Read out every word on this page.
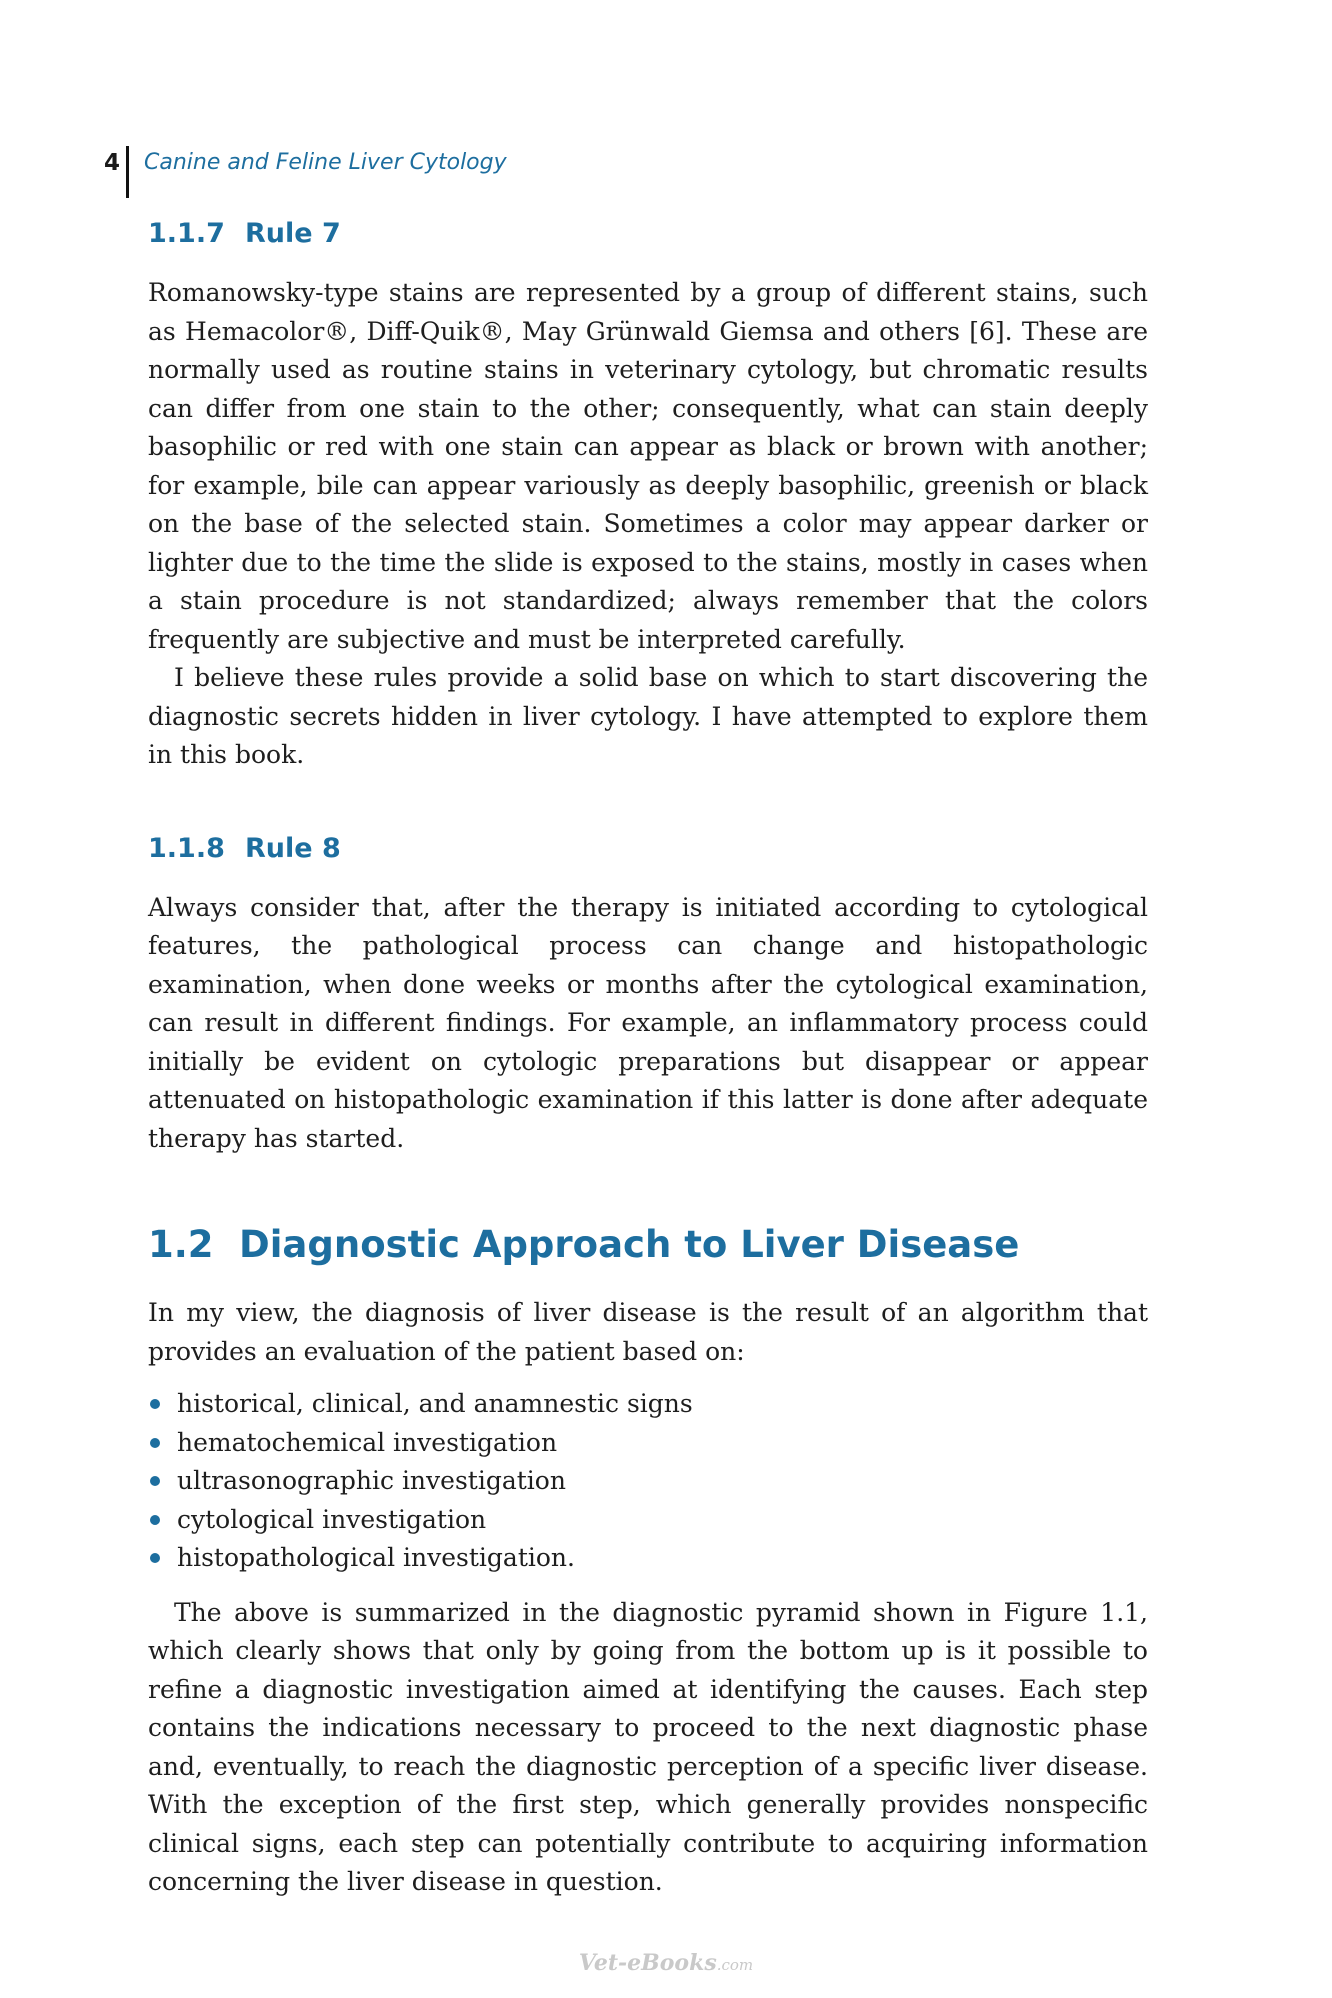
4 Canine and Feline Liver Cytology
1.1.7 Rule 7

Romanowsky-type stains are represented by a group of different stains, such as Hemacolor®, Diff-Quik®, May Grünwald Giemsa and others [6]. These are normally used as routine stains in veterinary cytology, but chromatic results can differ from one stain to the other; consequently, what can stain deeply basophilic or red with one stain can appear as black or brown with another; for example, bile can appear variously as deeply basophilic, greenish or black on the base of the selected stain. Sometimes a color may appear darker or lighter due to the time the slide is exposed to the stains, mostly in cases when a stain procedure is not standardized; always remember that the colors frequently are subjective and must be interpreted carefully.

I believe these rules provide a solid base on which to start discovering the diagnostic secrets hidden in liver cytology. I have attempted to explore them in this book.

1.1.8 Rule 8

Always consider that, after the therapy is initiated according to cytological features, the pathological process can change and histopathologic examination, when done weeks or months after the cytological examination, can result in different findings. For example, an inflammatory process could initially be evident on cytologic preparations but disappear or appear attenuated on histopathologic examination if this latter is done after adequate therapy has started.

1.2 Diagnostic Approach to Liver Disease

In my view, the diagnosis of liver disease is the result of an algorithm that provides an evaluation of the patient based on:

historical, clinical, and anamnestic signs
hematochemical investigation
ultrasonographic investigation
cytological investigation
histopathological investigation.

The above is summarized in the diagnostic pyramid shown in Figure 1.1, which clearly shows that only by going from the bottom up is it possible to refine a diagnostic investigation aimed at identifying the causes. Each step contains the indications necessary to proceed to the next diagnostic phase and, eventually, to reach the diagnostic perception of a specific liver disease. With the exception of the first step, which generally provides nonspecific clinical signs, each step can potentially contribute to acquiring information concerning the liver disease in question.

Vet-eBooks.com
